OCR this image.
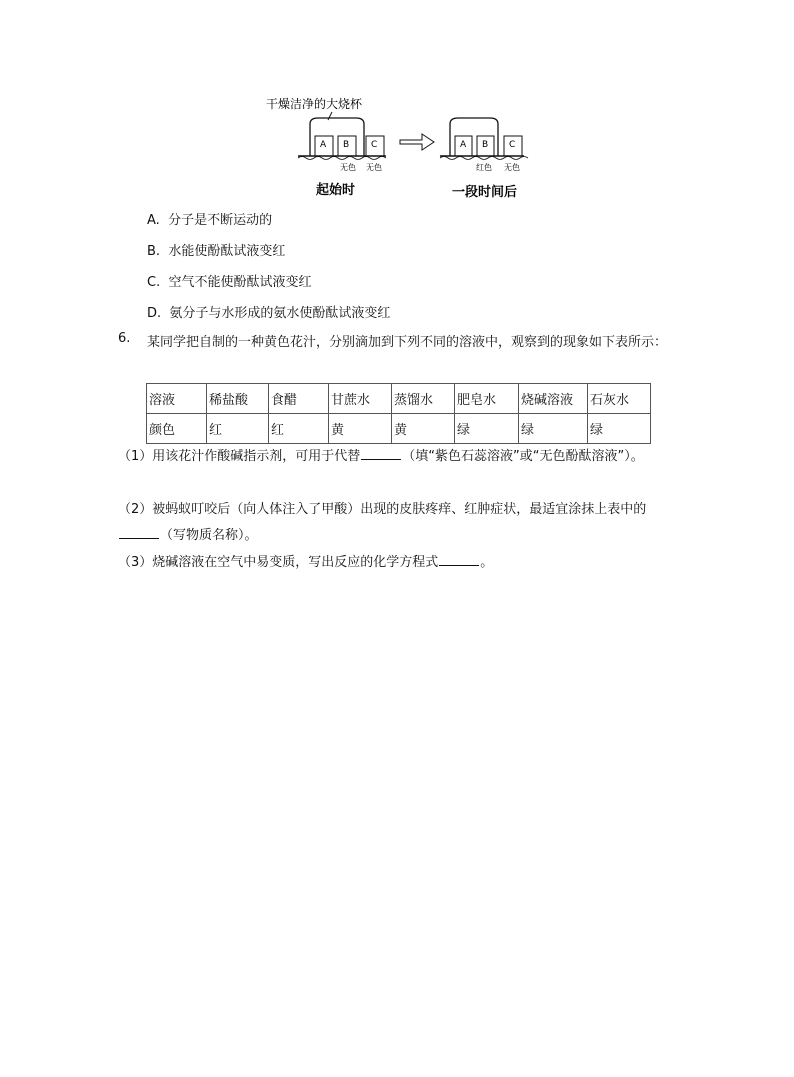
干燥洁净的大烧杯
A B C
无色 无色
起始时
A B C
红色 无色
一段时间后
A. 分子是不断运动的
B. 水能使酚酞试液变红
C. 空气不能使酚酞试液变红
D. 氨分子与水形成的氨水使酚酞试液变红
6. 某同学把自制的一种黄色花汁，分别滴加到下列不同的溶液中，观察到的现象如下表所示：
溶液	稀盐酸	食醋	甘蔗水	蒸馏水	肥皂水	烧碱溶液	石灰水
颜色	红	红	黄	黄	绿	绿	绿
（1）用该花汁作酸碱指示剂，可用于代替	（填“紫色石蕊溶液”或“无色酚酞溶液”）。
（2）被蚂蚁叮咬后（向人体注入了甲酸）出现的皮肤疼痒、红肿症状，最适宜涂抹上表中的（写物质名称）。
（3）烧碱溶液在空气中易变质，写出反应的化学方程式	。
